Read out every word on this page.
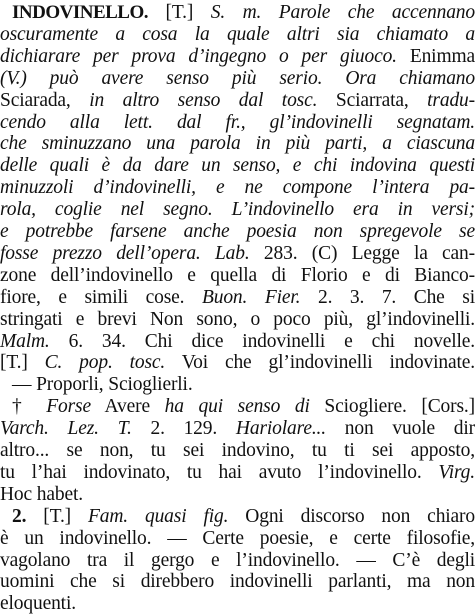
INDOVINELLO. [T.] S. m. Parole che accennano
oscuramente a cosa la quale altri sia chiamato a
dichiarare per prova d’ingegno o per giuoco. Enimma
(V.) può avere senso più serio. Ora chiamano
Sciarada, in altro senso dal tosc. Sciarrata, tradu-
cendo alla lett. dal fr., gl’indovinelli segnatam.
che sminuzzano una parola in più parti, a ciascuna
delle quali è da dare un senso, e chi indovina questi
minuzzoli d’indovinelli, e ne compone l’intera pa-
rola, coglie nel segno. L’indovinello era in versi;
e potrebbe farsene anche poesia non spregevole se
fosse prezzo dell’opera. Lab. 283. (C) Legge la can-
zone dell’indovinello e quella di Florio e di Bianco-
fiore, e simili cose. Buon. Fier. 2. 3. 7. Che si
stringati e brevi Non sono, o poco più, gl’indovinelli.
Malm. 6. 34. Chi dice indovinelli e chi novelle.
[T.] C. pop. tosc. Voi che gl’indovinelli indovinate.
— Proporli, Scioglierli.
† Forse Avere ha qui senso di Sciogliere. [Cors.]
Varch. Lez. T. 2. 129. Hariolare... non vuole dir
altro... se non, tu sei indovino, tu ti sei apposto,
tu l’hai indovinato, tu hai avuto l’indovinello. Virg.
Hoc habet.
2. [T.] Fam. quasi fig. Ogni discorso non chiaro
è un indovinello. — Certe poesie, e certe filosofie,
vagolano tra il gergo e l’indovinello. — C’è degli
uomini che si direbbero indovinelli parlanti, ma non
eloquenti.
